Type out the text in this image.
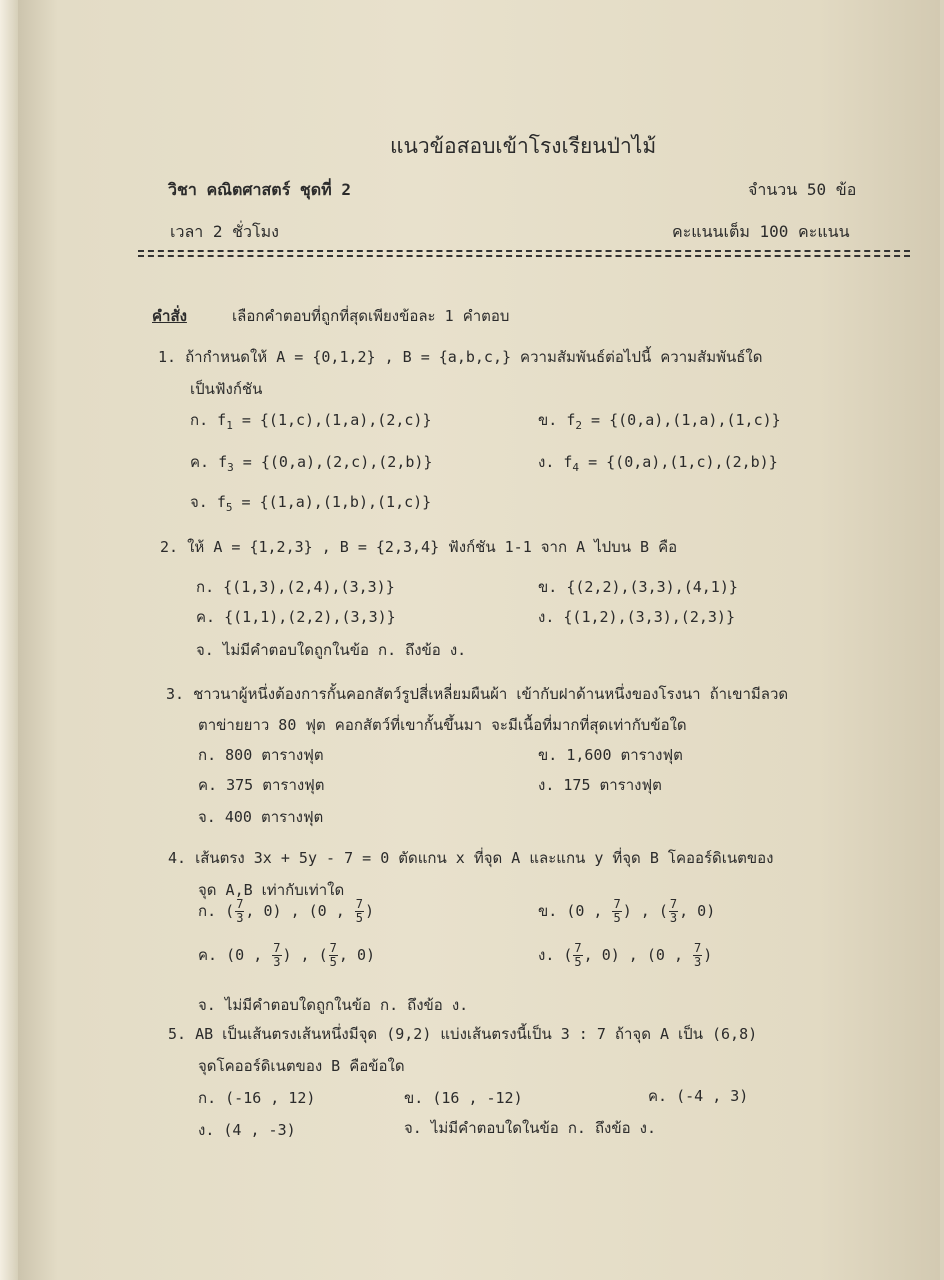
แนวข้อสอบเข้าโรงเรียนป่าไม้
วิชา คณิตศาสตร์ ชุดที่ 2	จำนวน 50 ข้อ
เวลา 2 ชั่วโมง	คะแนนเต็ม 100 คะแนน
คำสั่ง	เลือกคำตอบที่ถูกที่สุดเพียงข้อละ 1 คำตอบ
1. ถ้ากำหนดให้ A = {0,1,2} , B = {a,b,c,} ความสัมพันธ์ต่อไปนี้ ความสัมพันธ์ใด
เป็นฟังก์ชัน
ก. $f_1 = \{(1,c),(1,a),(2,c)\}$	ข. $f_2 = \{(0,a),(1,a),(1,c)\}$
ค. $f_3 = \{(0,a),(2,c),(2,b)\}$	ง. $f_4 = \{(0,a),(1,c),(2,b)\}$
จ. $f_5 = \{(1,a),(1,b),(1,c)\}$
2. ให้ A = {1,2,3} , B = {2,3,4} ฟังก์ชัน 1-1 จาก A ไปบน B คือ
ก. {(1,3),(2,4),(3,3)}	ข. {(2,2),(3,3),(4,1)}
ค. {(1,1),(2,2),(3,3)}	ง. {(1,2),(3,3),(2,3)}
จ. ไม่มีคำตอบใดถูกในข้อ ก. ถึงข้อ ง.
3. ชาวนาผู้หนึ่งต้องการกั้นคอกสัตว์รูปสี่เหลี่ยมผืนผ้า เข้ากับฝาด้านหนึ่งของโรงนา ถ้าเขามีลวด
ตาข่ายยาว 80 ฟุต คอกสัตว์ที่เขากั้นขึ้นมา จะมีเนื้อที่มากที่สุดเท่ากับข้อใด
ก. 800 ตารางฟุต	ข. 1,600 ตารางฟุต
ค. 375 ตารางฟุต	ง. 175 ตารางฟุต
จ. 400 ตารางฟุต
4. เส้นตรง 3x + 5y - 7 = 0 ตัดแกน x ที่จุด A และแกน y ที่จุด B โคออร์ดิเนตของ
จุด A,B เท่ากับเท่าใด
ก. ( $\frac{7}{3}$ , 0) , (0 , $\frac{7}{5}$ )	ข. (0 , $\frac{7}{5}$ ) , ( $\frac{7}{3}$ , 0)
ค. (0 , $\frac{7}{3}$ ) , ( $\frac{7}{5}$ , 0)	ง. ( $\frac{7}{5}$ , 0) , (0 , $\frac{7}{3}$ )
จ. ไม่มีคำตอบใดถูกในข้อ ก. ถึงข้อ ง.
5. AB เป็นเส้นตรงเส้นหนึ่งมีจุด (9,2) แบ่งเส้นตรงนี้เป็น 3 : 7 ถ้าจุด A เป็น (6,8)
จุดโคออร์ดิเนตของ B คือข้อใด
ก. (-16 , 12)	ข. (16 , -12)	ค. (-4 , 3)
ง. (4 , -3)	จ. ไม่มีคำตอบใดในข้อ ก. ถึงข้อ ง.
